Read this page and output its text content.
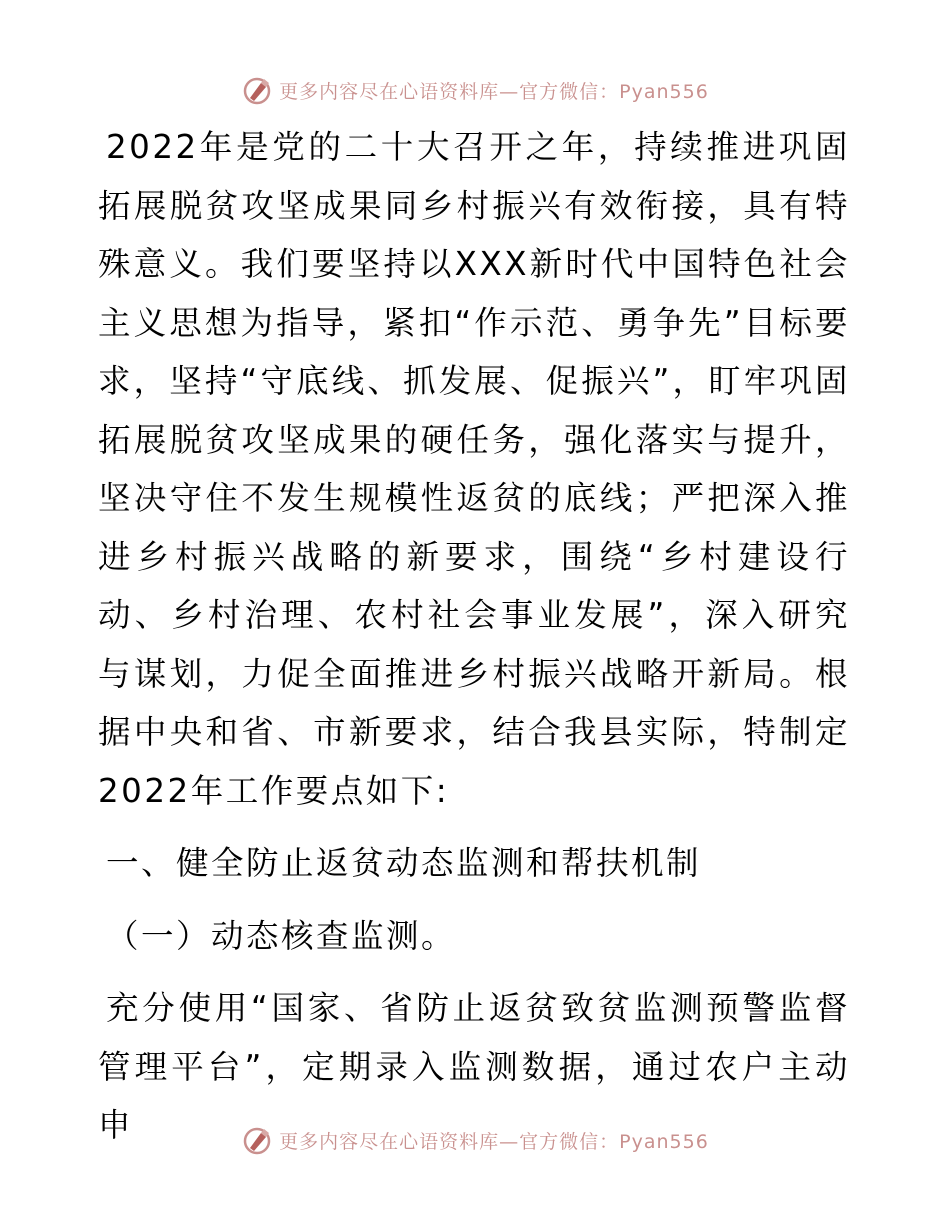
更多内容尽在心语资料库—官方微信：Pyan556

2022年是党的二十大召开之年，持续推进巩固拓展脱贫攻坚成果同乡村振兴有效衔接，具有特殊意义。我们要坚持以XXX新时代中国特色社会主义思想为指导，紧扣“作示范、勇争先”目标要求，坚持“守底线、抓发展、促振兴”，盯牢巩固拓展脱贫攻坚成果的硬任务，强化落实与提升，坚决守住不发生规模性返贫的底线；严把深入推进乡村振兴战略的新要求，围绕“乡村建设行动、乡村治理、农村社会事业发展”，深入研究与谋划，力促全面推进乡村振兴战略开新局。根据中央和省、市新要求，结合我县实际，特制定2022年工作要点如下:

一、健全防止返贫动态监测和帮扶机制

（一）动态核查监测。

充分使用“国家、省防止返贫致贫监测预警监督管理平台”，定期录入监测数据，通过农户主动申	更多内容尽在心语资料库—官方微信：Pyan556
